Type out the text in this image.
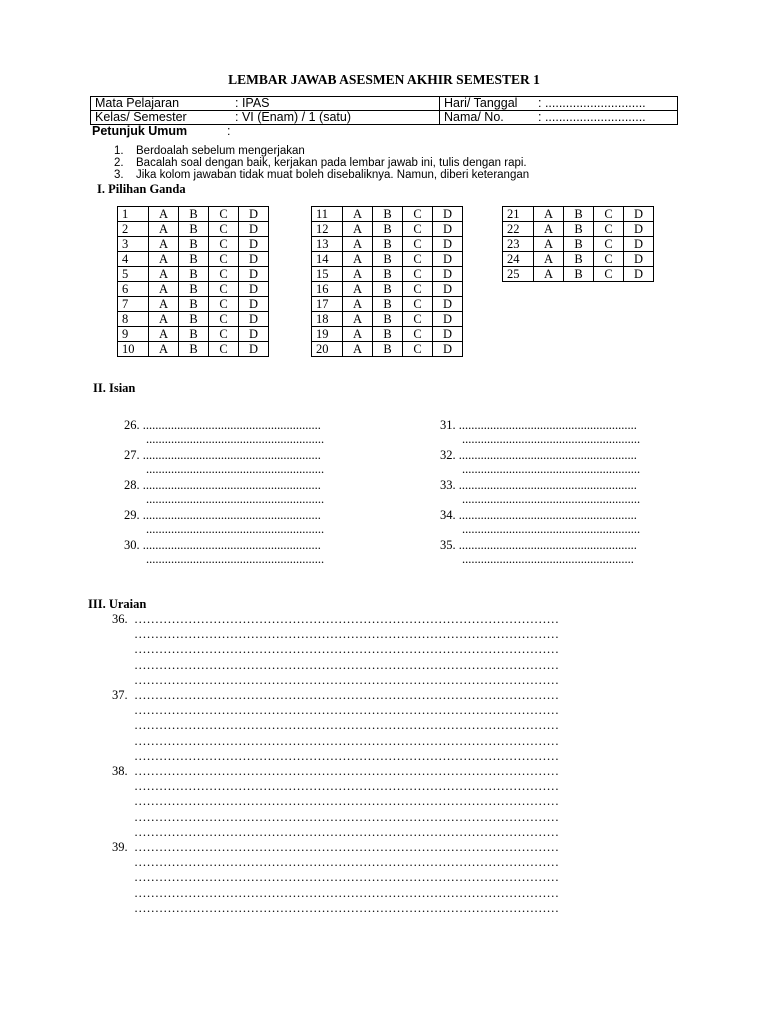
LEMBAR JAWAB ASESMEN AKHIR SEMESTER 1
Mata Pelajaran	: IPAS	Hari/ Tanggal	: .............................
Kelas/ Semester	: VI (Enam) / 1 (satu)	Nama/ No.	: .............................
Petunjuk Umum	:
1. Berdoalah sebelum mengerjakan
2. Bacalah soal dengan baik, kerjakan pada lembar jawab ini, tulis dengan rapi.
3. Jika kolom jawaban tidak muat boleh disebaliknya. Namun, diberi keterangan
I. Pilihan Ganda
1	A	B	C	D
2	A	B	C	D
3	A	B	C	D
4	A	B	C	D
5	A	B	C	D
6	A	B	C	D
7	A	B	C	D
8	A	B	C	D
9	A	B	C	D
10	A	B	C	D
11	A	B	C	D
12	A	B	C	D
13	A	B	C	D
14	A	B	C	D
15	A	B	C	D
16	A	B	C	D
17	A	B	C	D
18	A	B	C	D
19	A	B	C	D
20	A	B	C	D
21	A	B	C	D
22	A	B	C	D
23	A	B	C	D
24	A	B	C	D
25	A	B	C	D
II. Isian
26. .........................................................
.........................................................
27. .........................................................
.........................................................
28. .........................................................
.........................................................
29. .........................................................
.........................................................
30. .........................................................
.........................................................
31. .........................................................
.........................................................
32. .........................................................
.........................................................
33. .........................................................
.........................................................
34. .........................................................
.........................................................
35. .........................................................
.......................................................
III. Uraian
36. …………………………………………………………………………………………
…………………………………………………………………………………………
…………………………………………………………………………………………
…………………………………………………………………………………………
…………………………………………………………………………………………
37. …………………………………………………………………………………………
…………………………………………………………………………………………
…………………………………………………………………………………………
…………………………………………………………………………………………
…………………………………………………………………………………………
38. …………………………………………………………………………………………
…………………………………………………………………………………………
…………………………………………………………………………………………
…………………………………………………………………………………………
…………………………………………………………………………………………
39. …………………………………………………………………………………………
…………………………………………………………………………………………
…………………………………………………………………………………………
…………………………………………………………………………………………
…………………………………………………………………………………………
